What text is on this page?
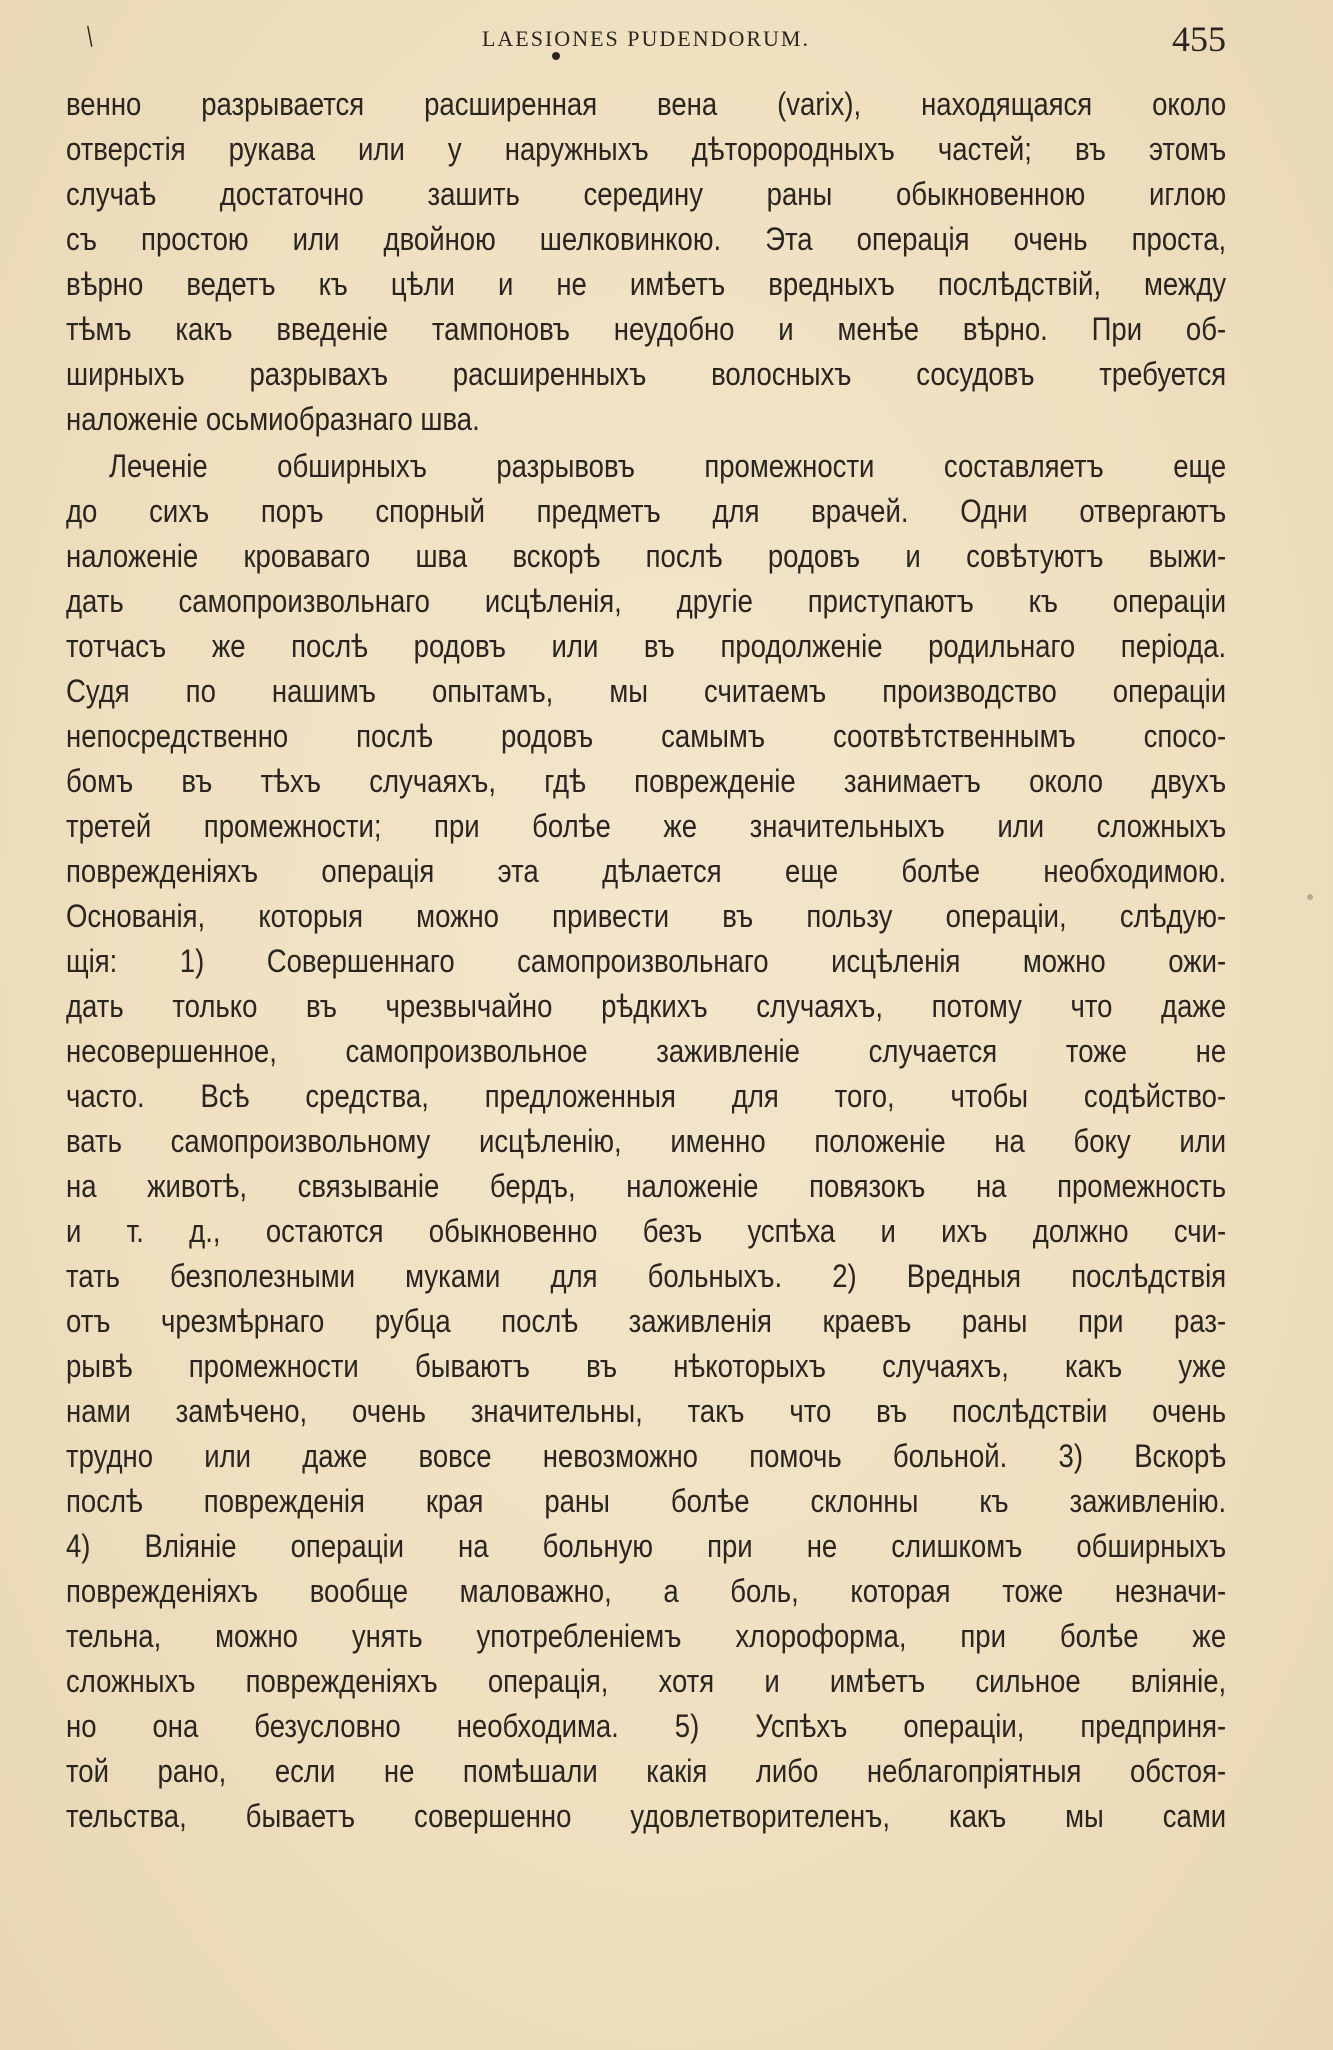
/	LAESIONES PUDENDORUM.	455

венно разрывается расширенная вена (varix), находящаяся около

отверстія рукава или у наружныхъ дѣторородныхъ частей; въ этомъ

случаѣ достаточно зашить середину раны обыкновенною иглою

съ простою или двойною шелковинкою. Эта операція очень проста,

вѣрно ведетъ къ цѣли и не имѣетъ вредныхъ послѣдствій, между

тѣмъ какъ введеніе тампоновъ неудобно и менѣе вѣрно. При об-

ширныхъ разрывахъ расширенныхъ волосныхъ сосудовъ требуется

наложеніе осьмиобразнаго шва.

Леченіе обширныхъ разрывовъ промежности составляетъ еще

до сихъ поръ спорный предметъ для врачей. Одни отвергаютъ

наложеніе кроваваго шва вскорѣ послѣ родовъ и совѣтуютъ выжи-

дать самопроизвольнаго исцѣленія, другіе приступаютъ къ операціи

тотчасъ же послѣ родовъ или въ продолженіе родильнаго періода.

Судя по нашимъ опытамъ, мы считаемъ производство операціи

непосредственно послѣ родовъ самымъ соотвѣтственнымъ спосо-

бомъ въ тѣхъ случаяхъ, гдѣ поврежденіе занимаетъ около двухъ

третей промежности; при болѣе же значительныхъ или сложныхъ

поврежденіяхъ операція эта дѣлается еще болѣе необходимою.

Основанія, которыя можно привести въ пользу операціи, слѣдую-

щія: 1) Совершеннаго самопроизвольнаго исцѣленія можно ожи-

дать только въ чрезвычайно рѣдкихъ случаяхъ, потому что даже

несовершенное, самопроизвольное заживленіе случается тоже не

часто. Всѣ средства, предложенныя для того, чтобы содѣйство-

вать самопроизвольному исцѣленію, именно положеніе на боку или

на животѣ, связываніе бердъ, наложеніе повязокъ на промежность

и т. д., остаются обыкновенно безъ успѣха и ихъ должно счи-

тать безполезными муками для больныхъ. 2) Вредныя послѣдствія

отъ чрезмѣрнаго рубца послѣ заживленія краевъ раны при раз-

рывѣ промежности бываютъ въ нѣкоторыхъ случаяхъ, какъ уже

нами замѣчено, очень значительны, такъ что въ послѣдствіи очень

трудно или даже вовсе невозможно помочь больной. 3) Вскорѣ

послѣ поврежденія края раны болѣе склонны къ заживленію.

4) Вліяніе операціи на больную при не слишкомъ обширныхъ

поврежденіяхъ вообще маловажно, а боль, которая тоже незначи-

тельна, можно унять употребленіемъ хлороформа, при болѣе же

сложныхъ поврежденіяхъ операція, хотя и имѣетъ сильное вліяніе,

но она безусловно необходима. 5) Успѣхъ операціи, предприня-

той рано, если не помѣшали какія либо неблагопріятныя обстоя-

тельства, бываетъ совершенно удовлетворителенъ, какъ мы сами
